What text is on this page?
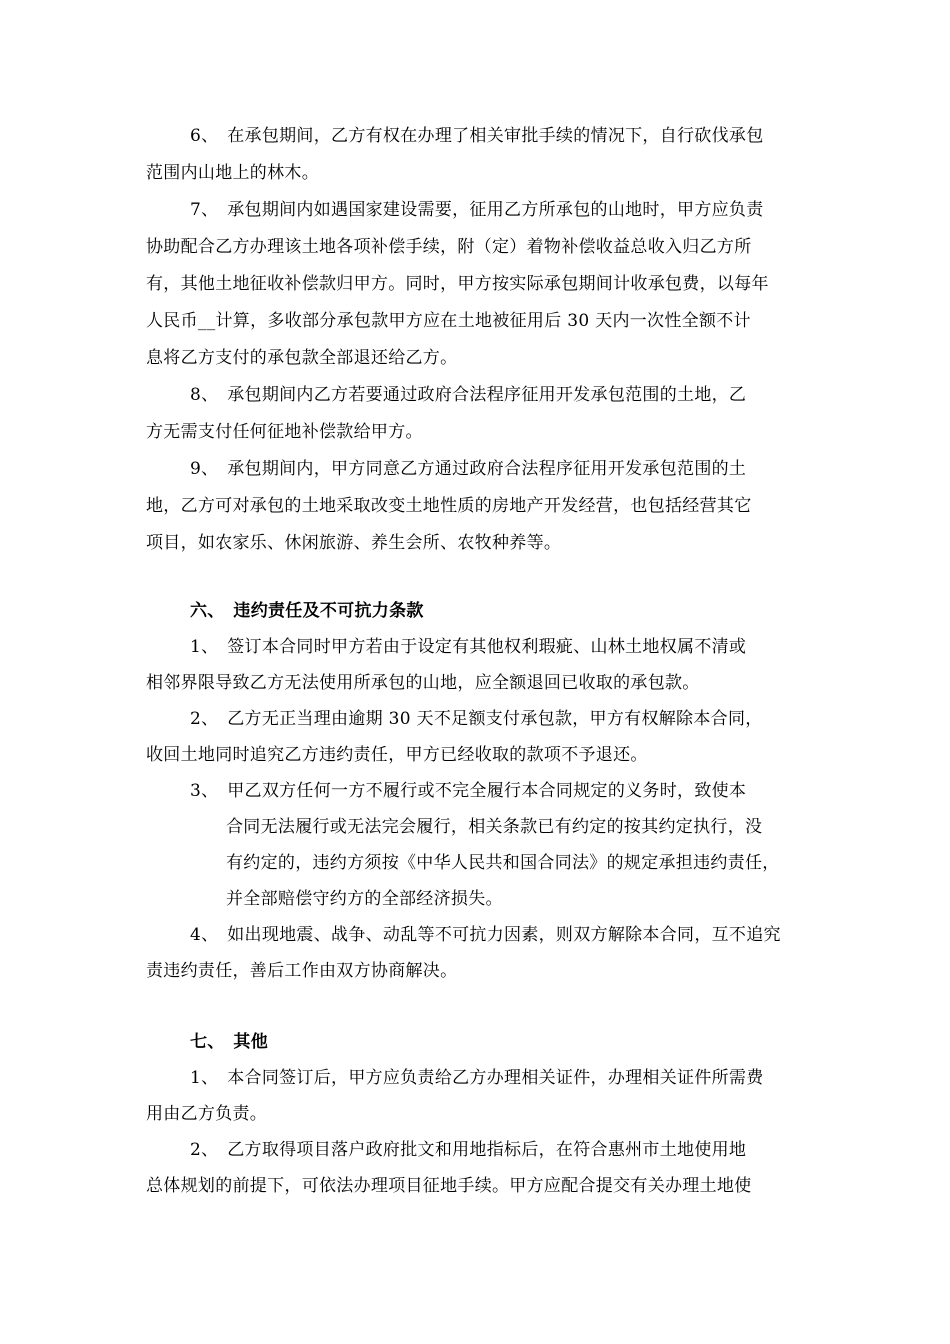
6、　在承包期间，乙方有权在办理了相关审批手续的情况下，自行砍伐承包
范围内山地上的林木。
7、　承包期间内如遇国家建设需要，征用乙方所承包的山地时，甲方应负责
协助配合乙方办理该土地各项补偿手续，附（定）着物补偿收益总收入归乙方所
有，其他土地征收补偿款归甲方。同时，甲方按实际承包期间计收承包费，以每年
人民币__计算，多收部分承包款甲方应在土地被征用后 30 天内一次性全额不计
息将乙方支付的承包款全部退还给乙方。
8、　承包期间内乙方若要通过政府合法程序征用开发承包范围的土地，乙
方无需支付任何征地补偿款给甲方。
9、　承包期间内，甲方同意乙方通过政府合法程序征用开发承包范围的土
地，乙方可对承包的土地采取改变土地性质的房地产开发经营，也包括经营其它
项目，如农家乐、休闲旅游、养生会所、农牧种养等。
六、　违约责任及不可抗力条款
1、　签订本合同时甲方若由于设定有其他权利瑕疵、山林土地权属不清或
相邻界限导致乙方无法使用所承包的山地，应全额退回已收取的承包款。
2、　乙方无正当理由逾期 30 天不足额支付承包款，甲方有权解除本合同，
收回土地同时追究乙方违约责任，甲方已经收取的款项不予退还。
3、　甲乙双方任何一方不履行或不完全履行本合同规定的义务时，致使本
合同无法履行或无法完会履行，相关条款已有约定的按其约定执行，没
有约定的，违约方须按《中华人民共和国合同法》的规定承担违约责任，
并全部赔偿守约方的全部经济损失。
4、　如出现地震、战争、动乱等不可抗力因素，则双方解除本合同，互不追究
责违约责任，善后工作由双方协商解决。
七、　其他
1、　本合同签订后，甲方应负责给乙方办理相关证件，办理相关证件所需费
用由乙方负责。
2、　乙方取得项目落户政府批文和用地指标后，在符合惠州市土地使用地
总体规划的前提下，可依法办理项目征地手续。甲方应配合提交有关办理土地使
